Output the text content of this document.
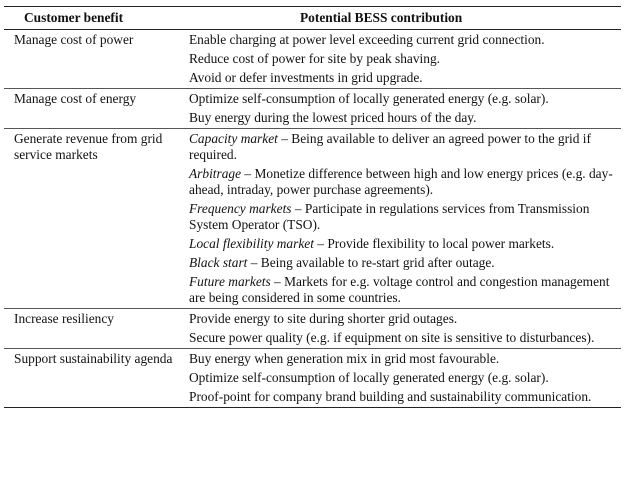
Customer benefit	Potential BESS contribution
Manage cost of power	Enable charging at power level exceeding current grid connection.
Reduce cost of power for site by peak shaving.
Avoid or defer investments in grid upgrade.
Manage cost of energy	Optimize self-consumption of locally generated energy (e.g. solar).
Buy energy during the lowest priced hours of the day.
Generate revenue from grid service markets
Capacity market – Being available to deliver an agreed power to the grid if required.
Arbitrage – Monetize difference between high and low energy prices (e.g. day-ahead, intraday, power purchase agreements).
Frequency markets – Participate in regulations services from Transmission System Operator (TSO).
Local flexibility market – Provide flexibility to local power markets.
Black start – Being available to re-start grid after outage.
Future markets – Markets for e.g. voltage control and congestion management are being considered in some countries.
Increase resiliency	Provide energy to site during shorter grid outages.
Secure power quality (e.g. if equipment on site is sensitive to disturbances).
Support sustainability agenda	Buy energy when generation mix in grid most favourable.
Optimize self-consumption of locally generated energy (e.g. solar).
Proof-point for company brand building and sustainability communication.
